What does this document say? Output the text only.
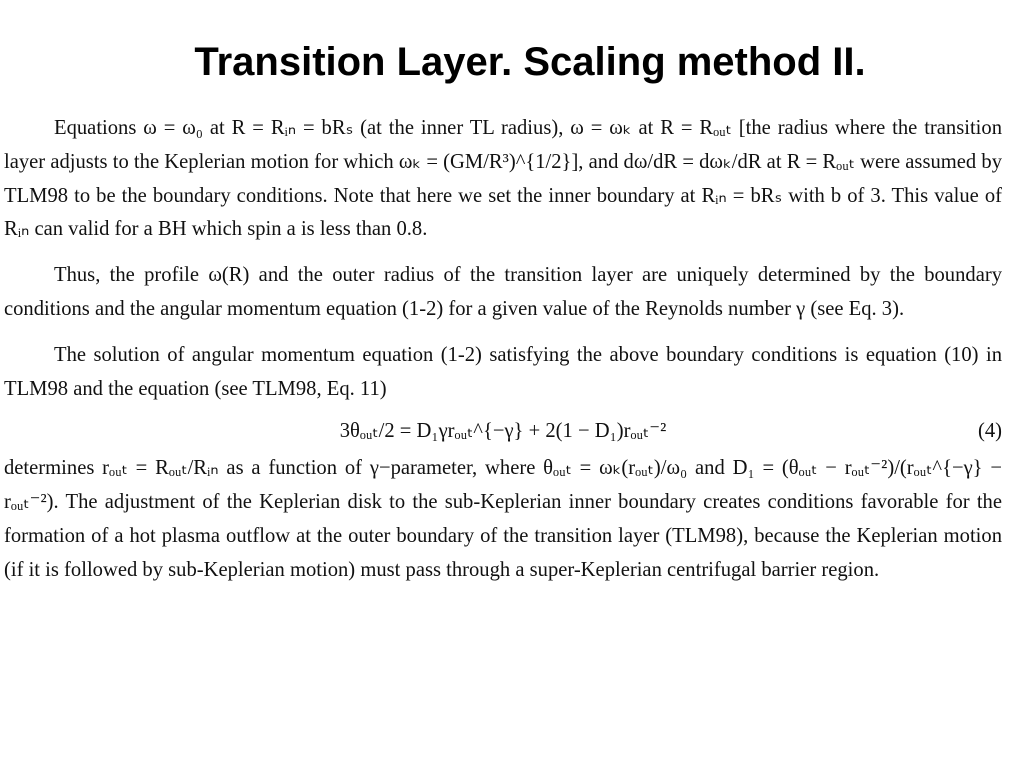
Transition Layer. Scaling method II.

Equations ω = ω₀ at R = Rᵢₙ = bRₛ (at the inner TL radius), ω = ωₖ at R = Rₒᵤₜ [the radius where the transition layer adjusts to the Keplerian motion for which ωₖ = (GM/R³)^{1/2}], and dω/dR = dωₖ/dR at R = Rₒᵤₜ were assumed by TLM98 to be the boundary conditions. Note that here we set the inner boundary at Rᵢₙ = bRₛ with b of 3. This value of Rᵢₙ can valid for a BH which spin a is less than 0.8.

Thus, the profile ω(R) and the outer radius of the transition layer are uniquely determined by the boundary conditions and the angular momentum equation (1-2) for a given value of the Reynolds number γ (see Eq. 3).

The solution of angular momentum equation (1-2) satisfying the above boundary conditions is equation (10) in TLM98 and the equation (see TLM98, Eq. 11)

3θₒᵤₜ/2 = D₁γrₒᵤₜ^{−γ} + 2(1 − D₁)rₒᵤₜ⁻²	(4)

determines rₒᵤₜ = Rₒᵤₜ/Rᵢₙ as a function of γ−parameter, where θₒᵤₜ = ωₖ(rₒᵤₜ)/ω₀ and D₁ = (θₒᵤₜ − rₒᵤₜ⁻²)/(rₒᵤₜ^{−γ} − rₒᵤₜ⁻²). The adjustment of the Keplerian disk to the sub-Keplerian inner boundary creates conditions favorable for the formation of a hot plasma outflow at the outer boundary of the transition layer (TLM98), because the Keplerian motion (if it is followed by sub-Keplerian motion) must pass through a super-Keplerian centrifugal barrier region.
